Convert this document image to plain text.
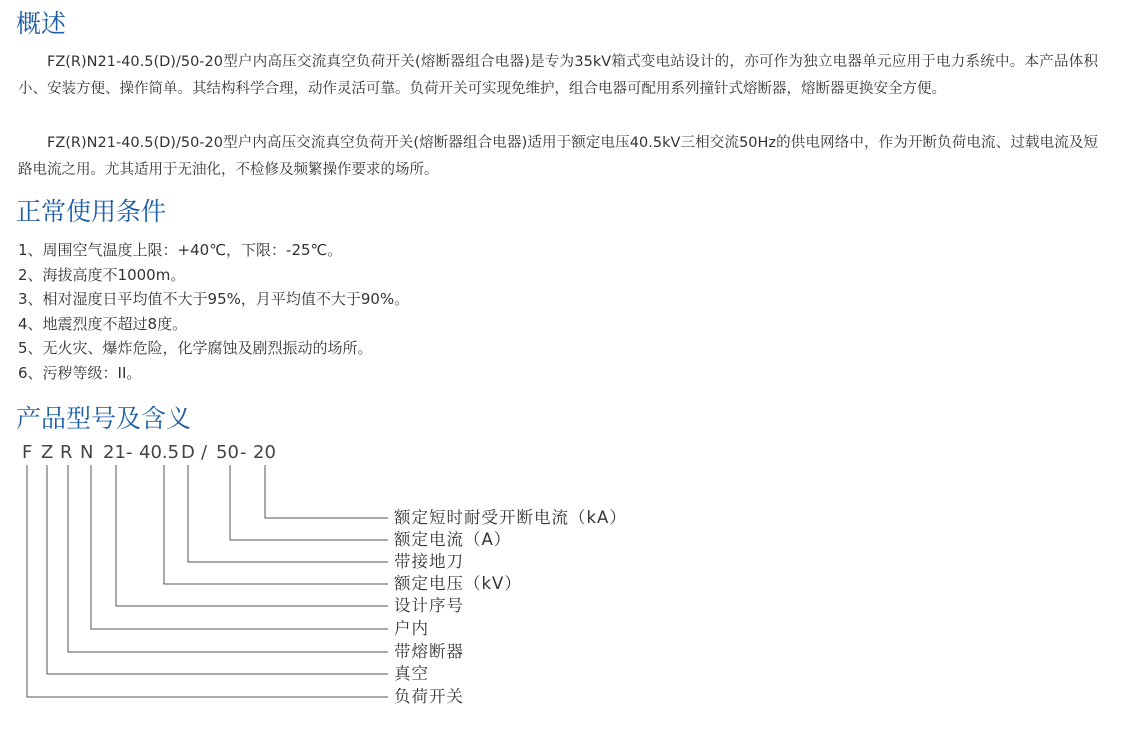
概述

FZ(R)N21-40.5(D)/50-20型户内高压交流真空负荷开关(熔断器组合电器)是专为35kV箱式变电站设计的，亦可作为独立电器单元应用于电力系统中。本产品体积小、安装方便、操作简单。其结构科学合理，动作灵活可靠。负荷开关可实现免维护，组合电器可配用系列撞针式熔断器，熔断器更换安全方便。

FZ(R)N21-40.5(D)/50-20型户内高压交流真空负荷开关(熔断器组合电器)适用于额定电压40.5kV三相交流50Hz的供电网络中，作为开断负荷电流、过载电流及短路电流之用。尤其适用于无油化，不检修及频繁操作要求的场所。

正常使用条件
1、周围空气温度上限：+40℃，下限：-25℃。
2、海拔高度不1000m。
3、相对湿度日平均值不大于95%，月平均值不大于90%。
4、地震烈度不超过8度。
5、无火灾、爆炸危险，化学腐蚀及剧烈振动的场所。
6、污秽等级：II。
产品型号及含义
F Z R N 21 - 40.5 D / 50 - 20
额定短时耐受开断电流（kA）
额定电流（A）
带接地刀
额定电压（kV）
设计序号
户内
带熔断器
真空
负荷开关
